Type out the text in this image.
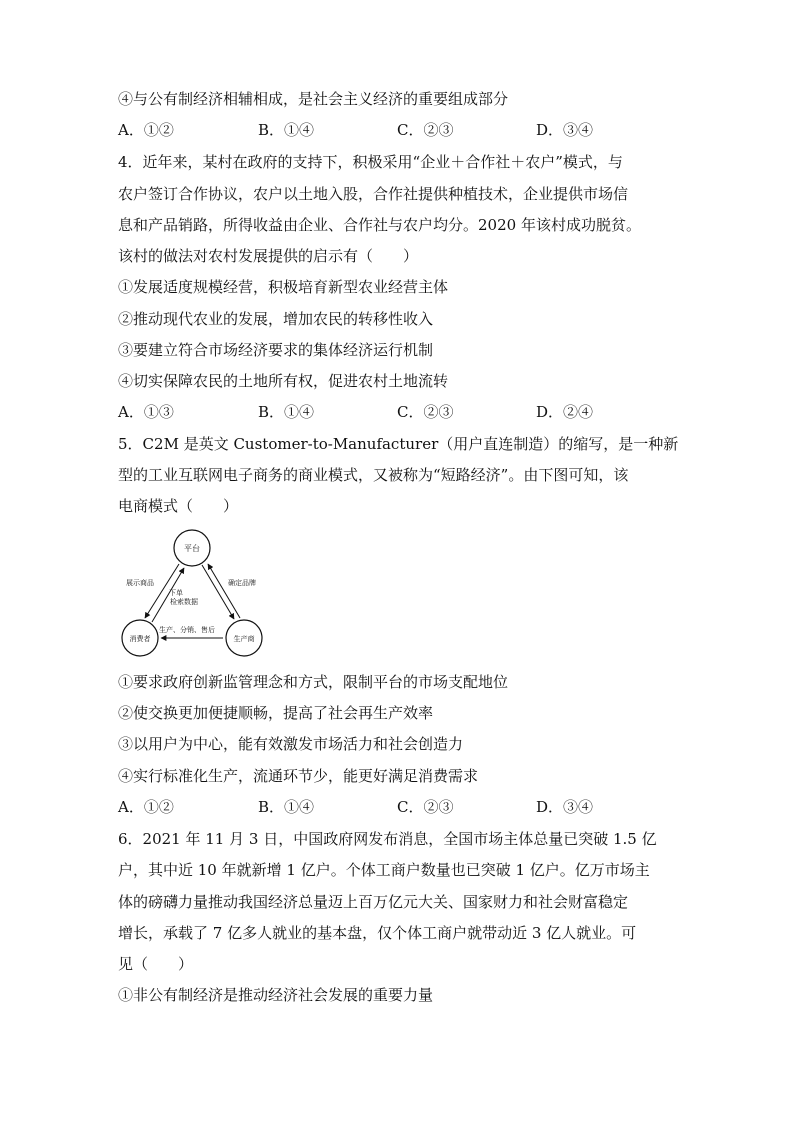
④与公有制经济相辅相成，是社会主义经济的重要组成部分
A．①②	B．①④	C．②③	D．③④
4．近年来，某村在政府的支持下，积极采用“企业＋合作社＋农户”模式，与
农户签订合作协议，农户以土地入股，合作社提供种植技术，企业提供市场信
息和产品销路，所得收益由企业、合作社与农户均分。2020 年该村成功脱贫。
该村的做法对农村发展提供的启示有（　　）
①发展适度规模经营，积极培育新型农业经营主体
②推动现代农业的发展，增加农民的转移性收入
③要建立符合市场经济要求的集体经济运行机制
④切实保障农民的土地所有权，促进农村土地流转
A．①③	B．①④	C．②③	D．②④
5．C2M 是英文 Customer-to-Manufacturer（用户直连制造）的缩写，是一种新
型的工业互联网电子商务的商业模式，又被称为“短路经济”。由下图可知，该
电商模式（　　）
平台
消费者	生产商
展示商品
下单
检索数据
确定品牌
生产、分销、售后
①要求政府创新监管理念和方式，限制平台的市场支配地位
②使交换更加便捷顺畅，提高了社会再生产效率
③以用户为中心，能有效激发市场活力和社会创造力
④实行标准化生产，流通环节少，能更好满足消费需求
A．①②	B．①④	C．②③	D．③④
6．2021 年 11 月 3 日，中国政府网发布消息，全国市场主体总量已突破 1.5 亿
户，其中近 10 年就新增 1 亿户。个体工商户数量也已突破 1 亿户。亿万市场主
体的磅礴力量推动我国经济总量迈上百万亿元大关、国家财力和社会财富稳定
增长，承载了 7 亿多人就业的基本盘，仅个体工商户就带动近 3 亿人就业。可
见（　　）
①非公有制经济是推动经济社会发展的重要力量
